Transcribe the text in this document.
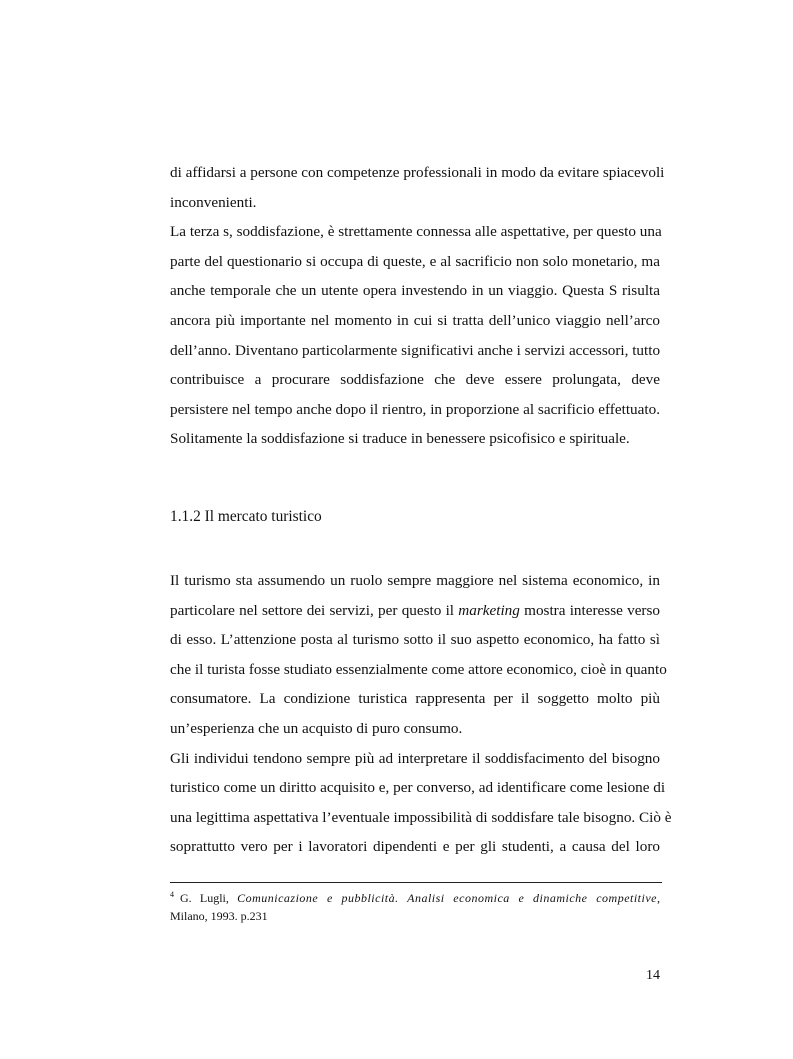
di affidarsi a persone con competenze professionali in modo da evitare spiacevoli
inconvenienti.
La terza s, soddisfazione, è strettamente connessa alle aspettative, per questo una
parte del questionario si occupa di queste, e al sacrificio non solo monetario, ma
anche temporale che un utente opera investendo in un viaggio. Questa S risulta
ancora più importante nel momento in cui si tratta dell’unico viaggio nell’arco
dell’anno. Diventano particolarmente significativi anche i servizi accessori, tutto
contribuisce a procurare soddisfazione che deve essere prolungata, deve
persistere nel tempo anche dopo il rientro, in proporzione al sacrificio effettuato.
Solitamente la soddisfazione si traduce in benessere psicofisico e spirituale.
1.1.2 Il mercato turistico
Il turismo sta assumendo un ruolo sempre maggiore nel sistema economico, in
particolare nel settore dei servizi, per questo il marketing mostra interesse verso
di esso. L’attenzione posta al turismo sotto il suo aspetto economico, ha fatto sì
che il turista fosse studiato essenzialmente come attore economico, cioè in quanto
consumatore. La condizione turistica rappresenta per il soggetto molto più
un’esperienza che un acquisto di puro consumo.
Gli individui tendono sempre più ad interpretare il soddisfacimento del bisogno
turistico come un diritto acquisito e, per converso, ad identificare come lesione di
una legittima aspettativa l’eventuale impossibilità di soddisfare tale bisogno. Ciò è
soprattutto vero per i lavoratori dipendenti e per gli studenti, a causa del loro
$^4$ G. Lugli, Comunicazione e pubblicità. Analisi economica e dinamiche competitive,
Milano, 1993. p.231
14
